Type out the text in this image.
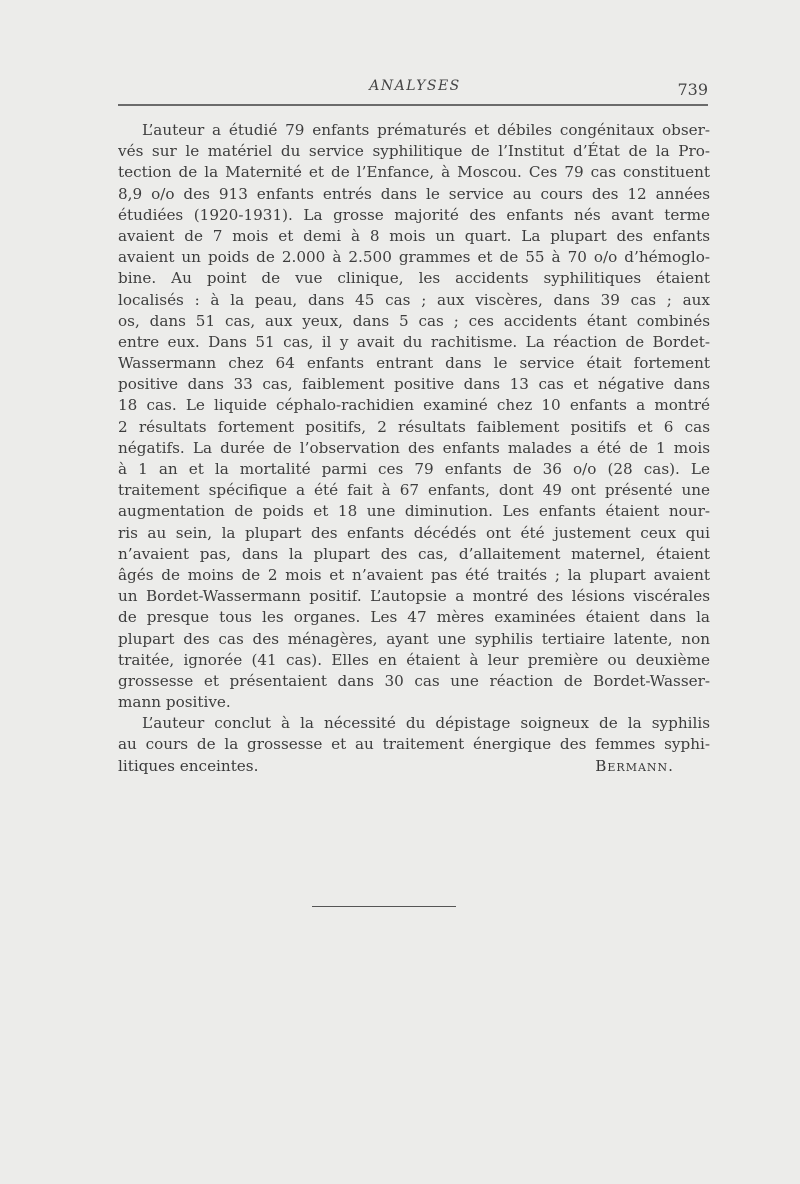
ANALYSES	739
L’auteur a étudié 79 enfants prématurés et débiles congénitaux obser-
vés sur le matériel du service syphilitique de l’Institut d’État de la Pro-
tection de la Maternité et de l’Enfance, à Moscou. Ces 79 cas constituent
8,9 o/o des 913 enfants entrés dans le service au cours des 12 années
étudiées (1920-1931). La grosse majorité des enfants nés avant terme
avaient de 7 mois et demi à 8 mois un quart. La plupart des enfants
avaient un poids de 2.000 à 2.500 grammes et de 55 à 70 o/o d’hémoglo-
bine. Au point de vue clinique, les accidents syphilitiques étaient
localisés : à la peau, dans 45 cas ; aux viscères, dans 39 cas ; aux
os, dans 51 cas, aux yeux, dans 5 cas ; ces accidents étant combinés
entre eux. Dans 51 cas, il y avait du rachitisme. La réaction de Bordet-
Wassermann chez 64 enfants entrant dans le service était fortement
positive dans 33 cas, faiblement positive dans 13 cas et négative dans
18 cas. Le liquide céphalo-rachidien examiné chez 10 enfants a montré
2 résultats fortement positifs, 2 résultats faiblement positifs et 6 cas
négatifs. La durée de l’observation des enfants malades a été de 1 mois
à 1 an et la mortalité parmi ces 79 enfants de 36 o/o (28 cas). Le
traitement spécifique a été fait à 67 enfants, dont 49 ont présenté une
augmentation de poids et 18 une diminution. Les enfants étaient nour-
ris au sein, la plupart des enfants décédés ont été justement ceux qui
n’avaient pas, dans la plupart des cas, d’allaitement maternel, étaient
âgés de moins de 2 mois et n’avaient pas été traités ; la plupart avaient
un Bordet-Wassermann positif. L’autopsie a montré des lésions viscérales
de presque tous les organes. Les 47 mères examinées étaient dans la
plupart des cas des ménagères, ayant une syphilis tertiaire latente, non
traitée, ignorée (41 cas). Elles en étaient à leur première ou deuxième
grossesse et présentaient dans 30 cas une réaction de Bordet-Wasser-
mann positive.
L’auteur conclut à la nécessité du dépistage soigneux de la syphilis
au cours de la grossesse et au traitement énergique des femmes syphi-
litiques enceintes.	Bermann.
